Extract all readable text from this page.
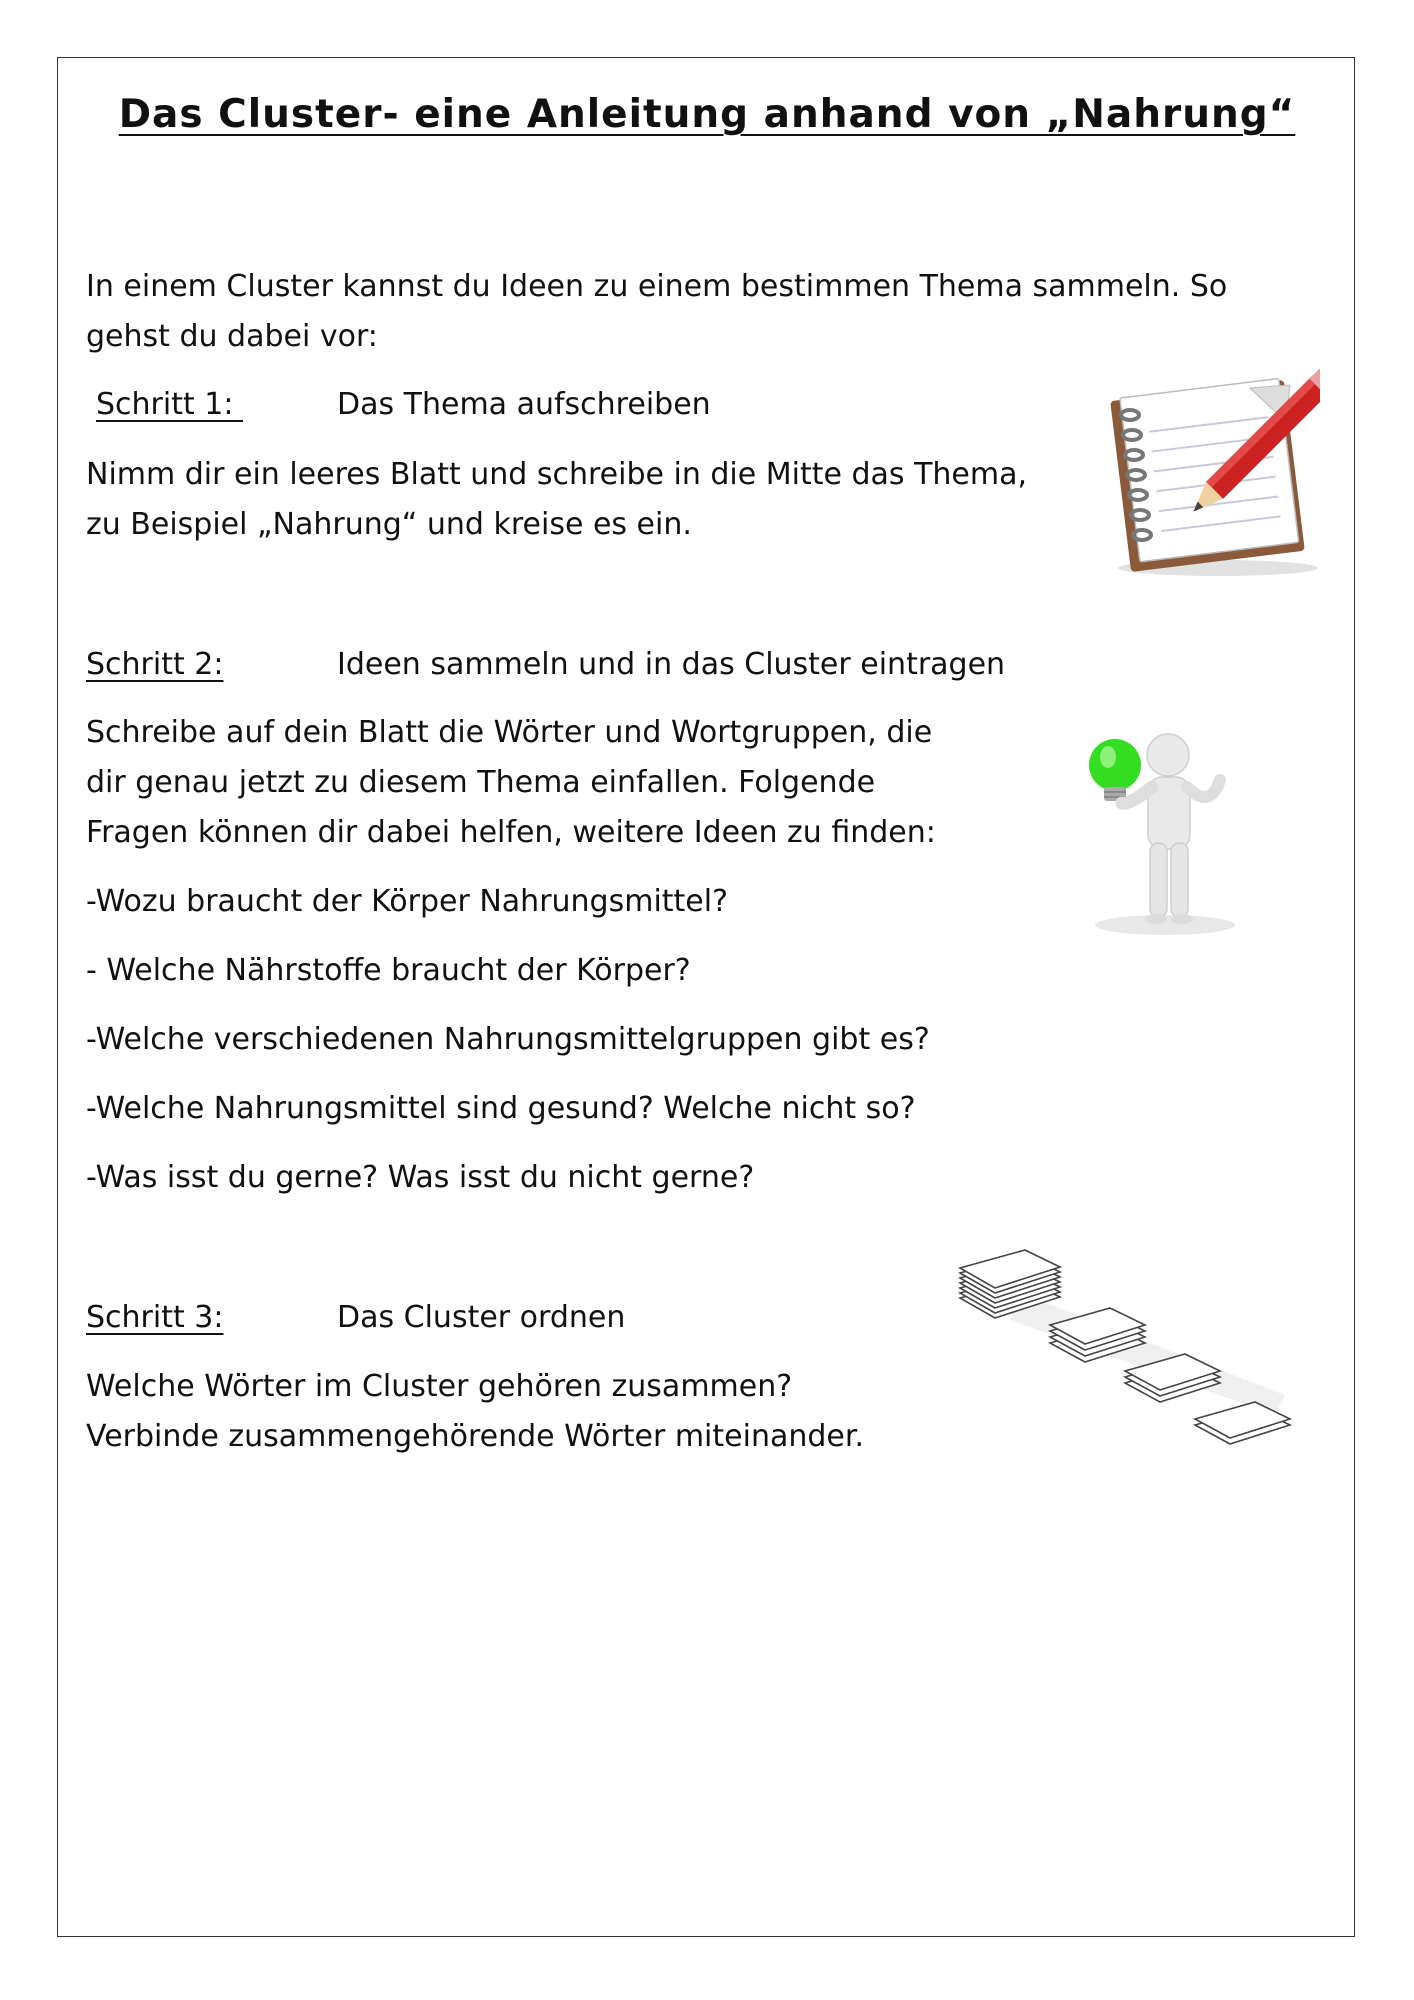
Das Cluster- eine Anleitung anhand von „Nahrung“
In einem Cluster kannst du Ideen zu einem bestimmen Thema sammeln. So
gehst du dabei vor:
Schritt 1:	Das Thema aufschreiben
Nimm dir ein leeres Blatt und schreibe in die Mitte das Thema,
zu Beispiel „Nahrung“ und kreise es ein.
Schritt 2:	Ideen sammeln und in das Cluster eintragen
Schreibe auf dein Blatt die Wörter und Wortgruppen, die
dir genau jetzt zu diesem Thema einfallen. Folgende
Fragen können dir dabei helfen, weitere Ideen zu finden:
-Wozu braucht der Körper Nahrungsmittel?
- Welche Nährstoffe braucht der Körper?
-Welche verschiedenen Nahrungsmittelgruppen gibt es?
-Welche Nahrungsmittel sind gesund? Welche nicht so?
-Was isst du gerne? Was isst du nicht gerne?
Schritt 3:	Das Cluster ordnen
Welche Wörter im Cluster gehören zusammen?
Verbinde zusammengehörende Wörter miteinander.
